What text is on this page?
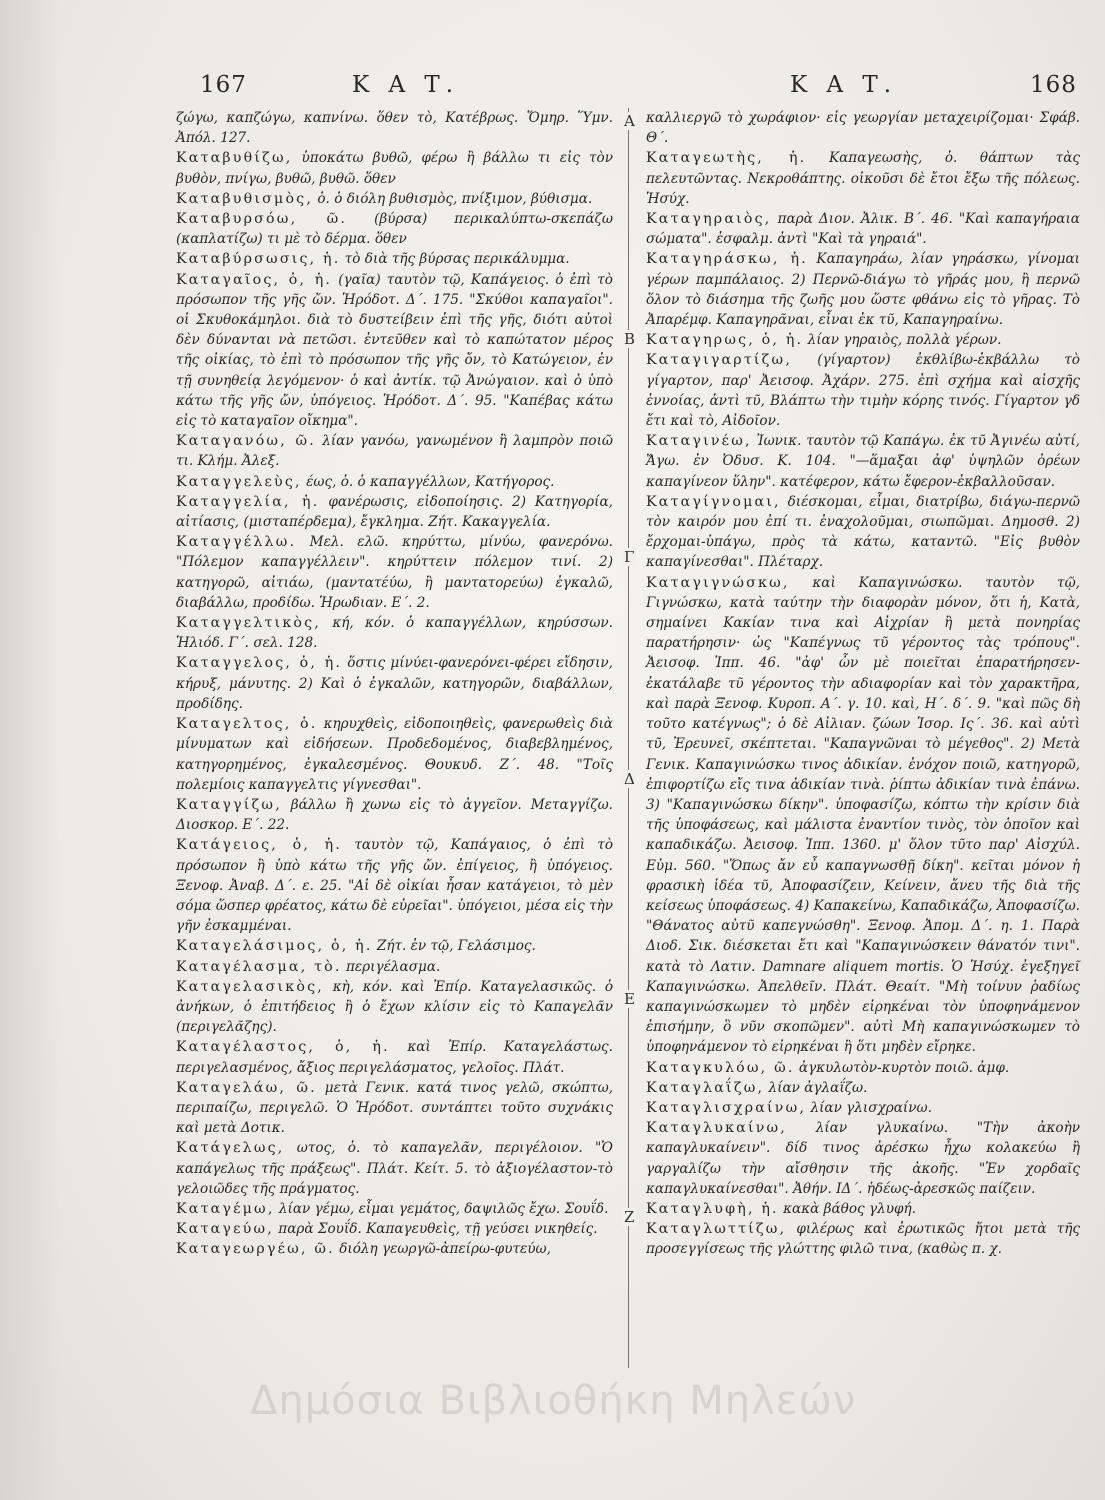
167	Κ Α Τ.	Κ Α Τ.	168

ζώγω, καπζώγω, καπνίνω. ὅθεν τὸ, Κατέβρως. Ὅμηρ. Ὕμν. Ἀπόλ. 127.

Καταβυθίζω, ὑποκάτω βυθῶ, φέρω ἢ βάλλω τι εἰς τὸν βυθὸν, πνίγω, βυθῶ, βυθῶ. ὅθεν

Καταβυθισμὸς, ὁ. ὁ διόλη βυθισμὸς, πνίξιμον, βύθισμα.

Καταβυρσόω, ῶ. (βύρσα) περικαλύπτω-σκεπάζω (καπλατίζω) τι μὲ τὸ δέρμα. ὅθεν

Καταβύρσωσις, ἡ. τὸ διὰ τῆς βύρσας περικάλυμμα.

Καταγαῖος, ὁ, ἡ. (γαῖα) ταυτὸν τῷ, Καπάγειος. ὁ ἐπὶ τὸ πρόσωπον τῆς γῆς ὤν. Ἡρόδοτ. Δ΄. 175. "Σκύθοι καπαγαῖοι". οἱ Σκυθοκάμηλοι. διὰ τὸ δυστείβειν ἐπὶ τῆς γῆς, διότι αὐτοὶ δὲν δύνανται νὰ πετῶσι. ἐντεῦθεν καὶ τὸ καπώτατον μέρος τῆς οἰκίας, τὸ ἐπὶ τὸ πρόσωπον τῆς γῆς ὄν, τὸ Κατώγειον, ἐν τῇ συνηθείᾳ λεγόμενον· ὁ καὶ ἀντίκ. τῷ Ἀνώγαιον. καὶ ὁ ὑπὸ κάτω τῆς γῆς ὤν, ὑπόγειος. Ἡρόδοτ. Δ΄. 95. "Καπέβας κάτω εἰς τὸ καταγαῖον οἴκημα".

Καταγανόω, ῶ. λίαν γανόω, γανωμένον ἢ λαμπρὸν ποιῶ τι. Κλήμ. Ἀλεξ.

Καταγγελεὺς, έως, ὁ. ὁ καπαγγέλλων, Κατήγορος.

Καταγγελία, ἡ. φανέρωσις, εἰδοποίησις. 2) Κατηγορία, αἰτίασις, (μισταπέρδεμα), ἔγκλημα. Ζήτ. Κακαγγελία.

Καταγγέλλω. Μελ. ελῶ. κηρύττω, μίνύω, φανερόνω. "Πόλεμον καπαγγέλλειν". κηρύττειν πόλεμον τινί. 2) κατηγορῶ, αἰτιάω, (μαντατέύω, ἢ μαντατορεύω) ἐγκαλῶ, διαβάλλω, προδίδω. Ἡρωδιαν. Ε΄. 2.

Καταγγελτικὸς, κή, κόν. ὁ καπαγγέλλων, κηρύσσων. Ἡλιόδ. Γ΄. σελ. 128.

Καταγγελος, ὁ, ἡ. ὅστις μίνύει-φανερόνει-φέρει εἴδησιν, κήρυξ, μάνυτης. 2) Καὶ ὁ ἐγκαλῶν, κατηγορῶν, διαβάλλων, προδίδης.

Καταγελτος, ὁ. κηρυχθεὶς, εἰδοποιηθεὶς, φανερωθεὶς διὰ μίνυματων καὶ εἰδήσεων. Προδεδομένος, διαβεβλημένος, κατηγορημένος, ἐγκαλεσμένος. Θουκυδ. Ζ΄. 48. "Τοῖς πολεμίοις καπαγγελτις γίγνεσθαι".

Καταγγίζω, βάλλω ἢ χωνω εἰς τὸ ἀγγεῖον. Μεταγγίζω. Διοσκορ. Ε΄. 22.

Κατάγειος, ὁ, ἡ. ταυτὸν τῷ, Καπάγαιος, ὁ ἐπὶ τὸ πρόσωπον ἢ ὑπὸ κάτω τῆς γῆς ὤν. ἐπίγειος, ἢ ὑπόγειος. Ξενοφ. Ἀναβ. Δ΄. ε. 25. "Αἱ δὲ οἰκίαι ἦσαν κατάγειοι, τὸ μὲν σόμα ὥσπερ φρέατος, κάτω δὲ εὐρεῖαι". ὑπόγειοι, μέσα εἰς τὴν γῆν ἐσκαμμέναι.

Καταγελάσιμος, ὁ, ἡ. Ζήτ. ἐν τῷ, Γελάσιμος.

Καταγέλασμα, τὸ. περιγέλασμα.

Καταγελασικὸς, κὴ, κόν. καὶ Ἐπίρ. Καταγελασικῶς. ὁ ἀνήκων, ὁ ἐπιτήδειος ἢ ὁ ἔχων κλίσιν εἰς τὸ Καπαγελᾶν (περιγελᾶζης).

Καταγέλαστος, ὁ, ἡ. καὶ Ἐπίρ. Καταγελάστως. περιγελασμένος, ἄξιος περιγελάσματος, γελοῖος. Πλάτ.

Καταγελάω, ῶ. μετὰ Γενικ. κατά τινος γελῶ, σκώπτω, περιπαίζω, περιγελῶ. Ὁ Ἡρόδοτ. συντάπτει τοῦτο συχνάκις καὶ μετὰ Δοτικ.

Κατάγελως, ωτος, ὁ. τὸ καπαγελᾶν, περιγέλοιον. "Ὁ καπάγελως τῆς πράξεως". Πλάτ. Κείτ. 5. τὸ ἀξιογέλαστον-τὸ γελοιῶδες τῆς πράγματος.

Καταγέμω, λίαν γέμω, εἶμαι γεμάτος, δαψιλῶς ἔχω. Σουΐδ.

Καταγεύω, παρὰ Σουΐδ. Καπαγευθεὶς, τῇ γεύσει νικηθείς.

Καταγεωργέω, ῶ. διόλη γεωργῶ-ἀπείρω-φυτεύω,

Α
Β
Γ
Δ
Ε
Ζ

καλλιεργῶ τὸ χωράφιον· εἰς γεωργίαν μεταχειρίζομαι· Σφάβ. Θ΄.

Καταγεωτὴς, ἡ. Καπαγεωσὴς, ὁ. θάπτων τὰς πελευτῶντας. Νεκροθάπτης. οἰκοῦσι δὲ ἔτοι ἔξω τῆς πόλεως. Ἡσύχ.

Καταγηραιὸς, παρὰ Διον. Ἀλικ. Β΄. 46. "Καὶ καπαγήραια σώματα". ἐσφαλμ. ἀντὶ "Καὶ τὰ γηραιά".

Καταγηράσκω, ἡ. Καπαγηράω, λίαν γηράσκω, γίνομαι γέρων παμπάλαιος. 2) Περνῶ-διάγω τὸ γῆράς μου, ἢ περνῶ ὅλον τὸ διάσημα τῆς ζωῆς μου ὥστε φθάνω εἰς τὸ γῆρας. Τὸ Ἀπαρέμφ. Καπαγηρᾶναι, εἶναι ἐκ τῦ, Καπαγηραίνω.

Καταγηρως, ὁ, ἡ. λίαν γηραιὸς, πολλὰ γέρων.

Καταγιγαρτίζω, (γίγαρτον) ἐκθλίβω-ἐκβάλλω τὸ γίγαρτον, παρ' Ἀεισοφ. Ἀχάρν. 275. ἐπὶ σχήμα καὶ αἰσχῆς ἐννοίας, ἀντὶ τῦ, Βλάπτω τὴν τιμὴν κόρης τινός. Γίγαρτον γδ ἔτι καὶ τὸ, Αἰδοῖον.

Καταγινέω, Ἰωνικ. ταυτὸν τῷ Καπάγω. ἐκ τῦ Ἀγινέω αὐτί, Ἄγω. ἐν Ὀδυσ. Κ. 104. "—ἅμαξαι ἀφ' ὑψηλῶν ὀρέων καπαγίνεον ὕλην". κατέφερον, κάτω ἔφερον-ἐκβαλλοῦσαν.

Καταγίγνομαι, διέσκομαι, εἶμαι, διατρίβω, διάγω-περνῶ τὸν καιρόν μου ἐπί τι. ἐναχολοῦμαι, σιωπῶμαι. Δημοσθ. 2) ἔρχομαι-ὑπάγω, πρὸς τὰ κάτω, καταντῶ. "Εἰς βυθὸν καπαγίνεσθαι". Πλέταρχ.

Καταγιγνώσκω, καὶ Καπαγινώσκω. ταυτὸν τῷ, Γιγνώσκω, κατὰ ταύτην τὴν διαφορὰν μόνον, ὅτι ἡ, Κατὰ, σημαίνει Κακίαν τινα καὶ Αἰχρίαν ἢ μετὰ πονηρίας παρατήρησιν· ὡς "Καπέγνως τῦ γέροντος τὰς τρόπους". Ἀεισοφ. Ἱππ. 46. "ἀφ' ὧν μὲ ποιεῖται ἐπαρατήρησεν-ἐκατάλαβε τῦ γέροντος τὴν αδιαφορίαν καὶ τὸν χαρακτῆρα, καὶ παρὰ Ξενοφ. Κυροπ. Α΄. γ. 10. καὶ, Η΄. δ΄. 9. "καὶ πῶς δὴ τοῦτο κατέγνως"; ὁ δὲ Αἰλιαν. ζώων Ἱσορ. Ις΄. 36. καὶ αὐτὶ τῦ, Ἐρευνεῖ, σκέπτεται. "Καπαγνῶναι τὸ μέγεθος". 2) Μετὰ Γενικ. Καπαγινώσκω τινος ἀδικίαν. ἐνόχον ποιῶ, κατηγορῶ, ἐπιφορτίζω εἴς τινα ἀδικίαν τινὰ. ῥίπτω ἀδικίαν τινὰ ἐπάνω. 3) "Καπαγινώσκω δίκην". ὑποφασίζω, κόπτω τὴν κρίσιν διὰ τῆς ὑποφάσεως, καὶ μάλιστα ἐναντίον τινὸς, τὸν ὁποῖον καὶ καπαδικάζω. Ἀεισοφ. Ἱππ. 1360. μ' ὅλον τῦτο παρ' Αἰσχύλ. Εὐμ. 560. "Ὅπως ἄν εὖ καπαγνωσθῇ δίκη". κεῖται μόνον ἡ φρασικὴ ἰδέα τῦ, Ἀποφασίζειν, Κείνειν, ἄνευ τῆς διὰ τῆς κείσεως ὑποφάσεως. 4) Καπακείνω, Καπαδικάζω, Ἀποφασίζω. "Θάνατος αὐτῦ καπεγνώσθη". Ξενοφ. Ἀπομ. Δ΄. η. 1. Παρὰ Διοδ. Σικ. διέσκεται ἔτι καὶ "Καπαγινώσκειν θάνατόν τινι". κατὰ τὸ Λατιν. Damnare aliquem mortis. Ὁ Ἡσύχ. ἐγεξηγεῖ Καπαγινώσκω. Ἀπελθεῖν. Πλάτ. Θεαίτ. "Μὴ τοίνυν ῥαδίως καπαγινώσκωμεν τὸ μηδὲν εἰρηκέναι τὸν ὑποφηνάμενον ἐπισήμην, ὃ νῦν σκοπῶμεν". αὐτὶ Μὴ καπαγινώσκωμεν τὸ ὑποφηνάμενον τὸ εἰρηκέναι ἢ ὅτι μηδὲν εἴρηκε.

Καταγκυλόω, ῶ. ἀγκυλωτὸν-κυρτὸν ποιῶ. ἀμφ.

Καταγλαΐζω, λίαν ἀγλαΐζω.

Καταγλισχραίνω, λίαν γλισχραίνω.

Καταγλυκαίνω, λίαν γλυκαίνω. "Τὴν ἀκοὴν καπαγλυκαίνειν". δίδ τινος ἀρέσκω ἦχω κολακεύω ἢ γαργαλίζω τὴν αἴσθησιν τῆς ἀκοῆς. "Ἐν χορδαῖς καπαγλυκαίνεσθαι". Ἀθήν. ΙΔ΄. ἡδέως-ἀρεσκῶς παίζειν.

Καταγλυφὴ, ἡ. κακὰ βάθος γλυφή.

Καταγλωττίζω, φιλέρως καὶ ἐρωτικῶς ἤτοι μετὰ τῆς προσεγγίσεως τῆς γλώττης φιλῶ τινα, (καθὼς π. χ.

Δημόσια Βιβλιοθήκη Μηλεών
